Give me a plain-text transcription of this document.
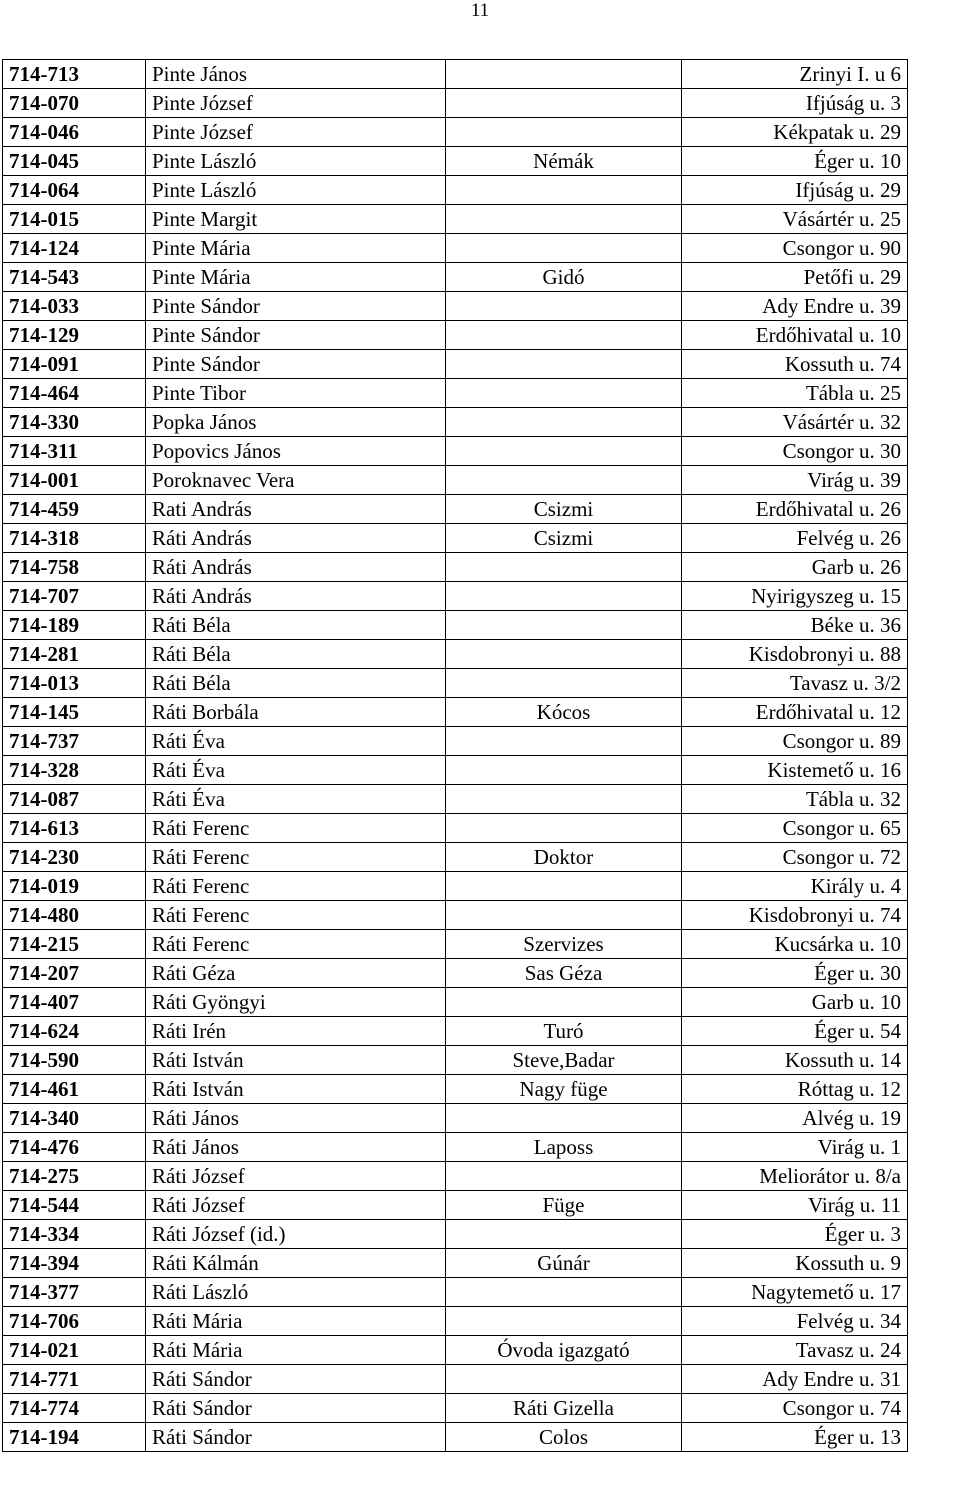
11
714-713	Pinte János		Zrinyi I. u 6
714-070	Pinte József		Ifjúság u. 3
714-046	Pinte József		Kékpatak u. 29
714-045	Pinte László	Némák	Éger u. 10
714-064	Pinte László		Ifjúság u. 29
714-015	Pinte Margit		Vásártér u. 25
714-124	Pinte Mária		Csongor u. 90
714-543	Pinte Mária	Gidó	Petőfi u. 29
714-033	Pinte Sándor		Ady Endre u. 39
714-129	Pinte Sándor		Erdőhivatal u. 10
714-091	Pinte Sándor		Kossuth u. 74
714-464	Pinte Tibor		Tábla u. 25
714-330	Popka János		Vásártér u. 32
714-311	Popovics János		Csongor u. 30
714-001	Poroknavec Vera		Virág u. 39
714-459	Rati András	Csizmi	Erdőhivatal u. 26
714-318	Ráti András	Csizmi	Felvég u. 26
714-758	Ráti András		Garb u. 26
714-707	Ráti András		Nyirigyszeg u. 15
714-189	Ráti Béla		Béke u. 36
714-281	Ráti Béla		Kisdobronyi u. 88
714-013	Ráti Béla		Tavasz u. 3/2
714-145	Ráti Borbála	Kócos	Erdőhivatal u. 12
714-737	Ráti Éva		Csongor u. 89
714-328	Ráti Éva		Kistemető u. 16
714-087	Ráti Éva		Tábla u. 32
714-613	Ráti Ferenc		Csongor u. 65
714-230	Ráti Ferenc	Doktor	Csongor u. 72
714-019	Ráti Ferenc		Király u. 4
714-480	Ráti Ferenc		Kisdobronyi u. 74
714-215	Ráti Ferenc	Szervizes	Kucsárka u. 10
714-207	Ráti Géza	Sas Géza	Éger u. 30
714-407	Ráti Gyöngyi		Garb u. 10
714-624	Ráti Irén	Turó	Éger u. 54
714-590	Ráti István	Steve,Badar	Kossuth u. 14
714-461	Ráti István	Nagy füge	Róttag u. 12
714-340	Ráti János		Alvég u. 19
714-476	Ráti János	Laposs	Virág u. 1
714-275	Ráti József		Meliorátor u. 8/a
714-544	Ráti József	Füge	Virág u. 11
714-334	Ráti József (id.)		Éger u. 3
714-394	Ráti Kálmán	Gúnár	Kossuth u. 9
714-377	Ráti László		Nagytemető u. 17
714-706	Ráti Mária		Felvég u. 34
714-021	Ráti Mária	Óvoda igazgató	Tavasz u. 24
714-771	Ráti Sándor		Ady Endre u. 31
714-774	Ráti Sándor	Ráti Gizella	Csongor u. 74
714-194	Ráti Sándor	Colos	Éger u. 13
